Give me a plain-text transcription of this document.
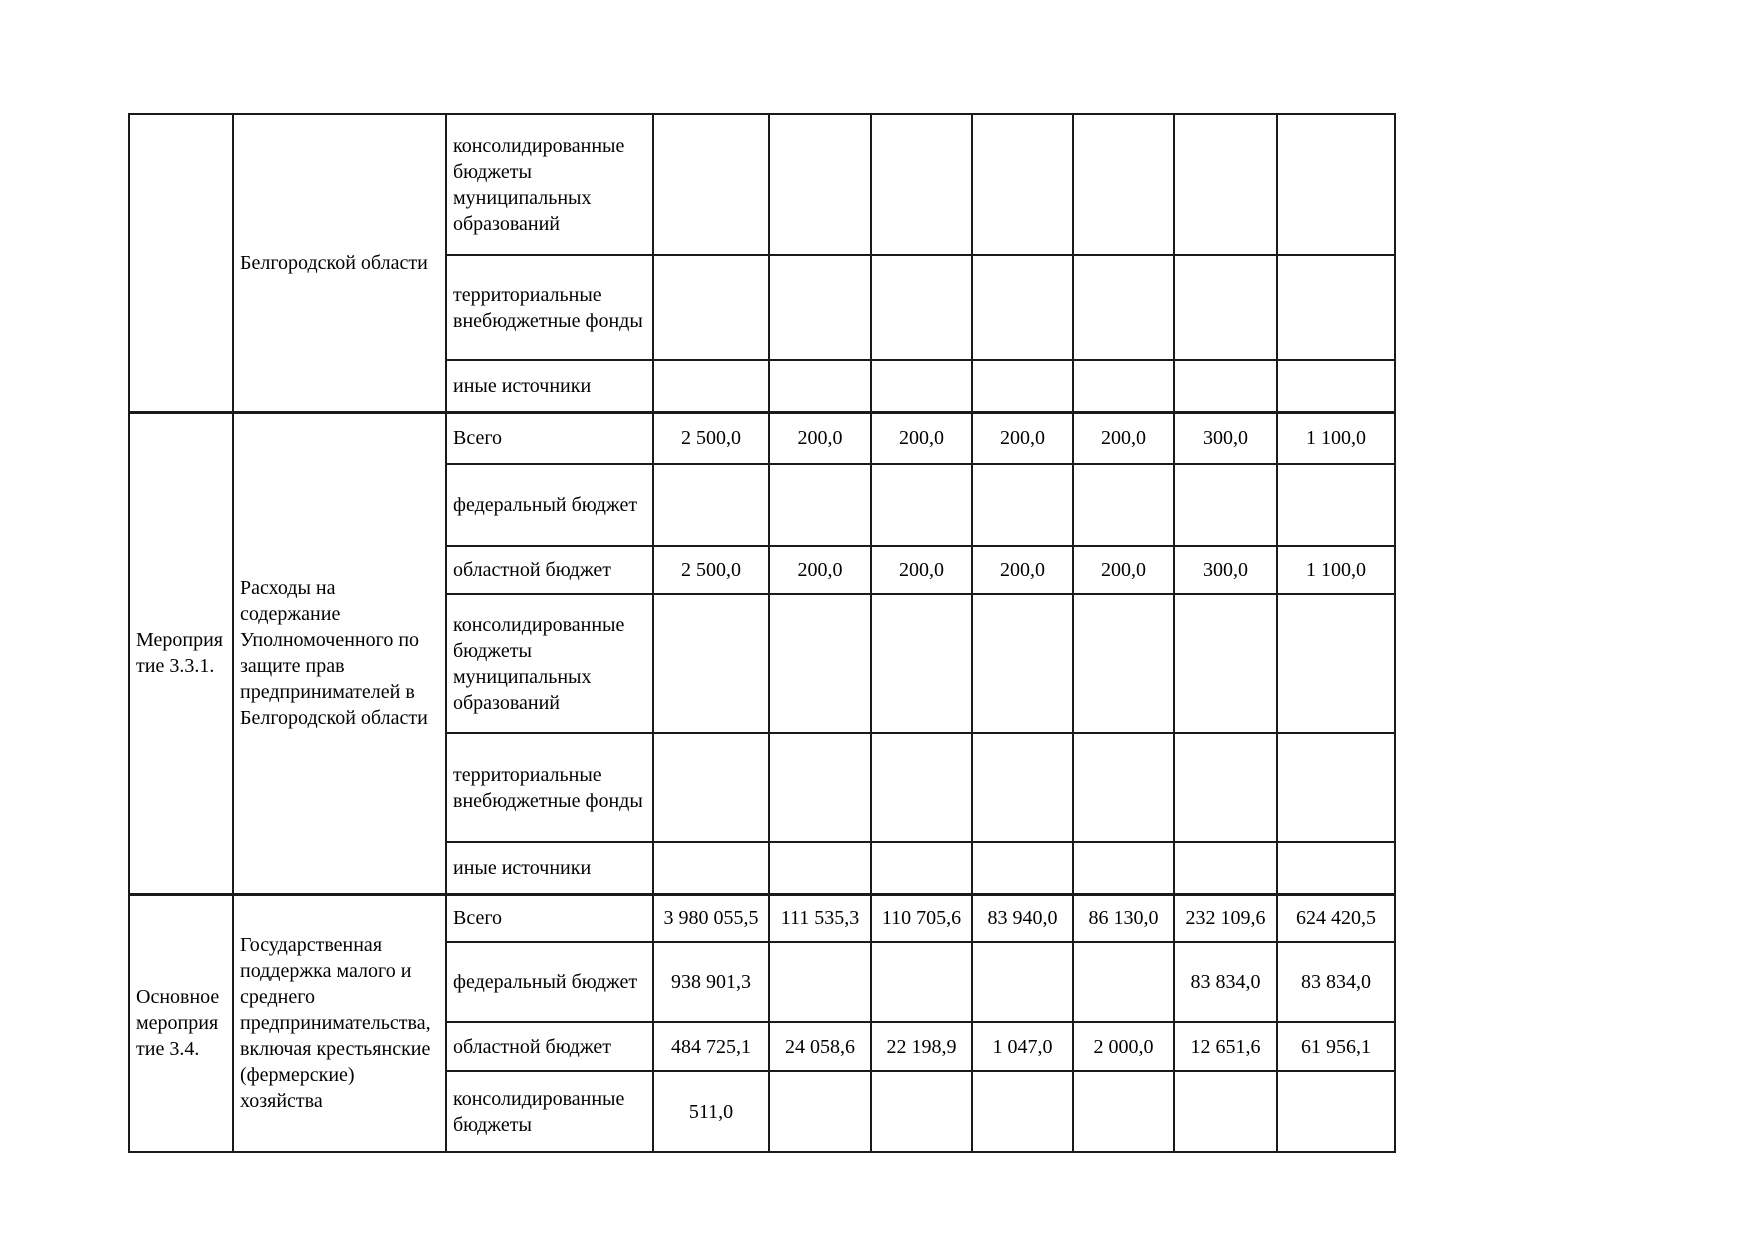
	Белгородской области	консолидированные бюджеты муниципальных образований							
		территориальные внебюджетные фонды							
		иные источники							
Мероприятие 3.3.1.	Расходы на содержание Уполномоченного по защите прав предпринимателей в Белгородской области	Всего	2 500,0	200,0	200,0	200,0	200,0	300,0	1 100,0
		федеральный бюджет							
		областной бюджет	2 500,0	200,0	200,0	200,0	200,0	300,0	1 100,0
		консолидированные бюджеты муниципальных образований							
		территориальные внебюджетные фонды							
		иные источники							
Основное мероприятие 3.4.	Государственная поддержка малого и среднего предпринимательства, включая крестьянские (фермерские) хозяйства	Всего	3 980 055,5	111 535,3	110 705,6	83 940,0	86 130,0	232 109,6	624 420,5
		федеральный бюджет	938 901,3					83 834,0	83 834,0
		областной бюджет	484 725,1	24 058,6	22 198,9	1 047,0	2 000,0	12 651,6	61 956,1
		консолидированные бюджеты	511,0						
